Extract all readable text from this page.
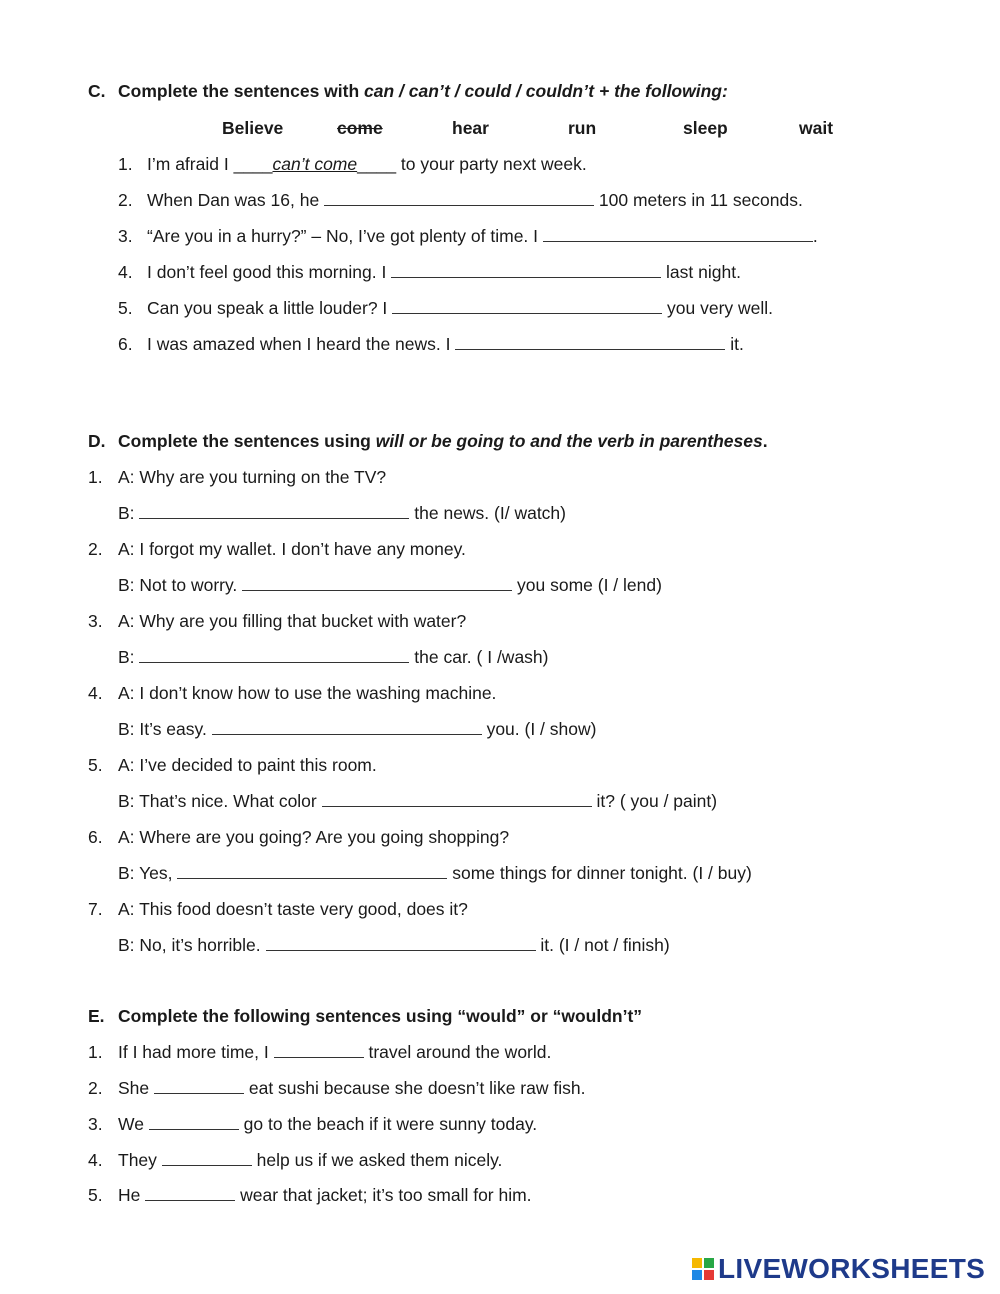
C. Complete the sentences with can / can’t / could / couldn’t + the following:
Believe	come	hear	run	sleep	wait
1. I’m afraid I ____can’t come____ to your party next week.
2. When Dan was 16, he	100 meters in 11 seconds.
3. “Are you in a hurry?” – No, I’ve got plenty of time. I	.
4. I don’t feel good this morning. I	last night.
5. Can you speak a little louder? I	you very well.
6. I was amazed when I heard the news. I	it.
D. Complete the sentences using will or be going to and the verb in parentheses.
1. A: Why are you turning on the TV?
B:	the news. (I/ watch)
2. A: I forgot my wallet. I don’t have any money.
B: Not to worry.	you some (I / lend)
3. A: Why are you filling that bucket with water?
B:	the car. ( I /wash)
4. A: I don’t know how to use the washing machine.
B: It’s easy.	you. (I / show)
5. A: I’ve decided to paint this room.
B: That’s nice. What color	it? ( you / paint)
6. A: Where are you going? Are you going shopping?
B: Yes,	some things for dinner tonight. (I / buy)
7. A: This food doesn’t taste very good, does it?
B: No, it’s horrible.	it. (I / not / finish)
E. Complete the following sentences using “would” or “wouldn’t”
1. If I had more time, I	travel around the world.
2. She	eat sushi because she doesn’t like raw fish.
3. We	go to the beach if it were sunny today.
4. They	help us if we asked them nicely.
5. He	wear that jacket; it’s too small for him.
LIVEWORKSHEETS
